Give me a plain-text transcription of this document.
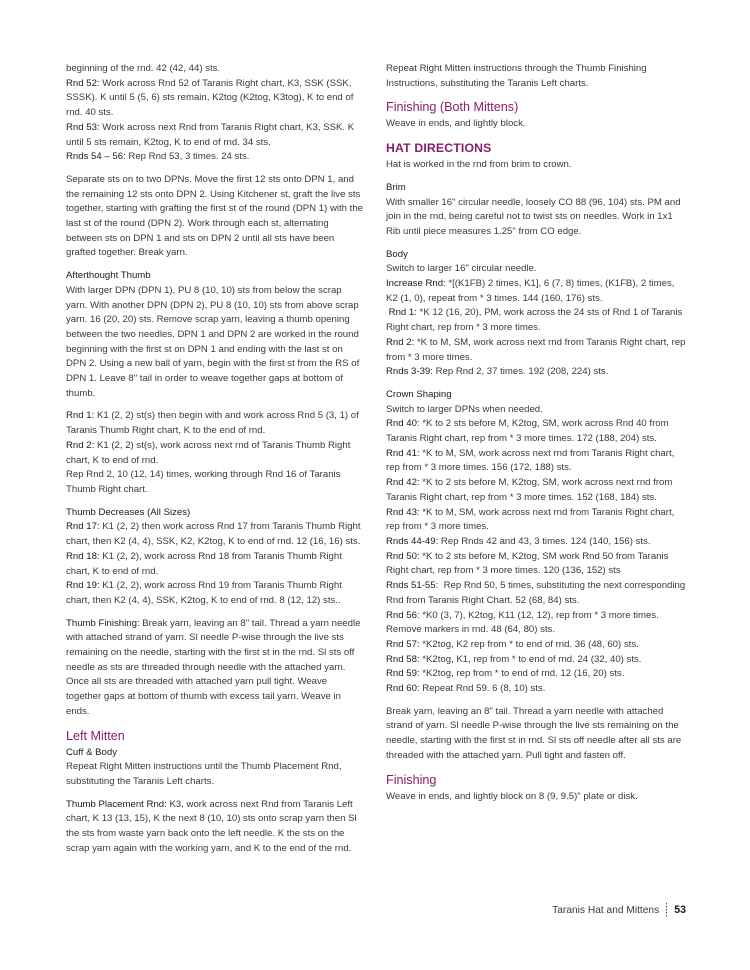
beginning of the rnd. 42 (42, 44) sts.
Rnd 52: Work across Rnd 52 of Taranis Right chart, K3, SSK (SSK, SSSK). K until 5 (5, 6) sts remain, K2tog (K2tog, K3tog), K to end of rnd. 40 sts.
Rnd 53: Work across next Rnd from Taranis Right chart, K3, SSK. K until 5 sts remain, K2tog, K to end of rnd. 34 sts.
Rnds 54 – 56: Rep Rnd 53, 3 times. 24 sts.

Separate sts on to two DPNs. Move the first 12 sts onto DPN 1, and the remaining 12 sts onto DPN 2. Using Kitchener st, graft the live sts together, starting with grafting the first st of the round (DPN 1) with the last st of the round (DPN 2). Work through each st, alternating between sts on DPN 1 and sts on DPN 2 until all sts have been grafted together. Break yarn.

Afterthought Thumb

With larger DPN (DPN 1), PU 8 (10, 10) sts from below the scrap yarn. With another DPN (DPN 2), PU 8 (10, 10) sts from above scrap yarn. 16 (20, 20) sts. Remove scrap yarn, leaving a thumb opening between the two needles. DPN 1 and DPN 2 are worked in the round beginning with the first st on DPN 1 and ending with the last st on DPN 2. Using a new ball of yarn, begin with the first st from the RS of DPN 1. Leave 8" tail in order to weave together gaps at bottom of thumb.

Rnd 1: K1 (2, 2) st(s) then begin with and work across Rnd 5 (3, 1) of Taranis Thumb Right chart, K to the end of rnd.
Rnd 2: K1 (2, 2) st(s), work across next rnd of Taranis Thumb Right chart, K to end of rnd.
Rep Rnd 2, 10 (12, 14) times, working through Rnd 16 of Taranis Thumb Right chart.

Thumb Decreases (All Sizes)

Rnd 17: K1 (2, 2) then work across Rnd 17 from Taranis Thumb Right chart, then K2 (4, 4), SSK, K2, K2tog, K to end of rnd. 12 (16, 16) sts.
Rnd 18: K1 (2, 2), work across Rnd 18 from Taranis Thumb Right chart, K to end of rnd.
Rnd 19: K1 (2, 2), work across Rnd 19 from Taranis Thumb Right chart, then K2 (4, 4), SSK, K2tog, K to end of rnd. 8 (12, 12) sts..

Thumb Finishing: Break yarn, leaving an 8" tail. Thread a yarn needle with attached strand of yarn. Sl needle P-wise through the live sts remaining on the needle, starting with the first st in the rnd. Sl sts off needle as sts are threaded through needle with the attached yarn. Once all sts are threaded with attached yarn pull tight. Weave together gaps at bottom of thumb with excess tail yarn. Weave in ends.

Left Mitten
Cuff & Body

Repeat Right Mitten instructions until the Thumb Placement Rnd, substituting the Taranis Left charts.

Thumb Placement Rnd: K3, work across next Rnd from Taranis Left chart, K 13 (13, 15), K the next 8 (10, 10) sts onto scrap yarn then Sl the sts from waste yarn back onto the left needle. K the sts on the scrap yarn again with the working yarn, and K to the end of the rnd.

Repeat Right Mitten instructions through the Thumb Finishing Instructions, substituting the Taranis Left charts.

Finishing (Both Mittens)

Weave in ends, and lightly block.

HAT DIRECTIONS

Hat is worked in the rnd from brim to crown.

Brim

With smaller 16" circular needle, loosely CO 88 (96, 104) sts. PM and join in the rnd, being careful not to twist sts on needles. Work in 1x1 Rib until piece measures 1.25" from CO edge.

Body

Switch to larger 16" circular needle.
Increase Rnd: *[(K1FB) 2 times, K1], 6 (7, 8) times, (K1FB), 2 times, K2 (1, 0), repeat from * 3 times. 144 (160, 176) sts.
Rnd 1: *K 12 (16, 20), PM, work across the 24 sts of Rnd 1 of Taranis Right chart, rep from * 3 more times.
Rnd 2: *K to M, SM, work across next rnd from Taranis Right chart, rep from * 3 more times.
Rnds 3-39: Rep Rnd 2, 37 times. 192 (208, 224) sts.

Crown Shaping

Switch to larger DPNs when needed.
Rnd 40: *K to 2 sts before M, K2tog, SM, work across Rnd 40 from Taranis Right chart, rep from * 3 more times. 172 (188, 204) sts.
Rnd 41: *K to M, SM, work across next rnd from Taranis Right chart, rep from * 3 more times. 156 (172, 188) sts.
Rnd 42: *K to 2 sts before M, K2tog, SM, work across next rnd from Taranis Right chart, rep from * 3 more times. 152 (168, 184) sts.
Rnd 43: *K to M, SM, work across next rnd from Taranis Right chart, rep from * 3 more times.
Rnds 44-49: Rep Rnds 42 and 43, 3 times. 124 (140, 156) sts.
Rnd 50: *K to 2 sts before M, K2tog, SM work Rnd 50 from Taranis Right chart, rep from * 3 more times. 120 (136, 152) sts
Rnds 51-55:  Rep Rnd 50, 5 times, substituting the next corresponding Rnd from Taranis Right Chart. 52 (68, 84) sts.
Rnd 56: *K0 (3, 7), K2tog, K11 (12, 12), rep from * 3 more times. Remove markers in rnd. 48 (64, 80) sts.
Rnd 57: *K2tog, K2 rep from * to end of rnd. 36 (48, 60) sts.
Rnd 58: *K2tog, K1, rep from * to end of rnd. 24 (32, 40) sts.
Rnd 59: *K2tog, rep from * to end of rnd. 12 (16, 20) sts.
Rnd 60: Repeat Rnd 59. 6 (8, 10) sts.

Break yarn, leaving an 8" tail. Thread a yarn needle with attached strand of yarn. Sl needle P-wise through the live sts remaining on the needle, starting with the first st in rnd. Sl sts off needle after all sts are threaded with the attached yarn. Pull tight and fasten off.

Finishing

Weave in ends, and lightly block on 8 (9, 9.5)" plate or disk.

Taranis Hat and Mittens 53
